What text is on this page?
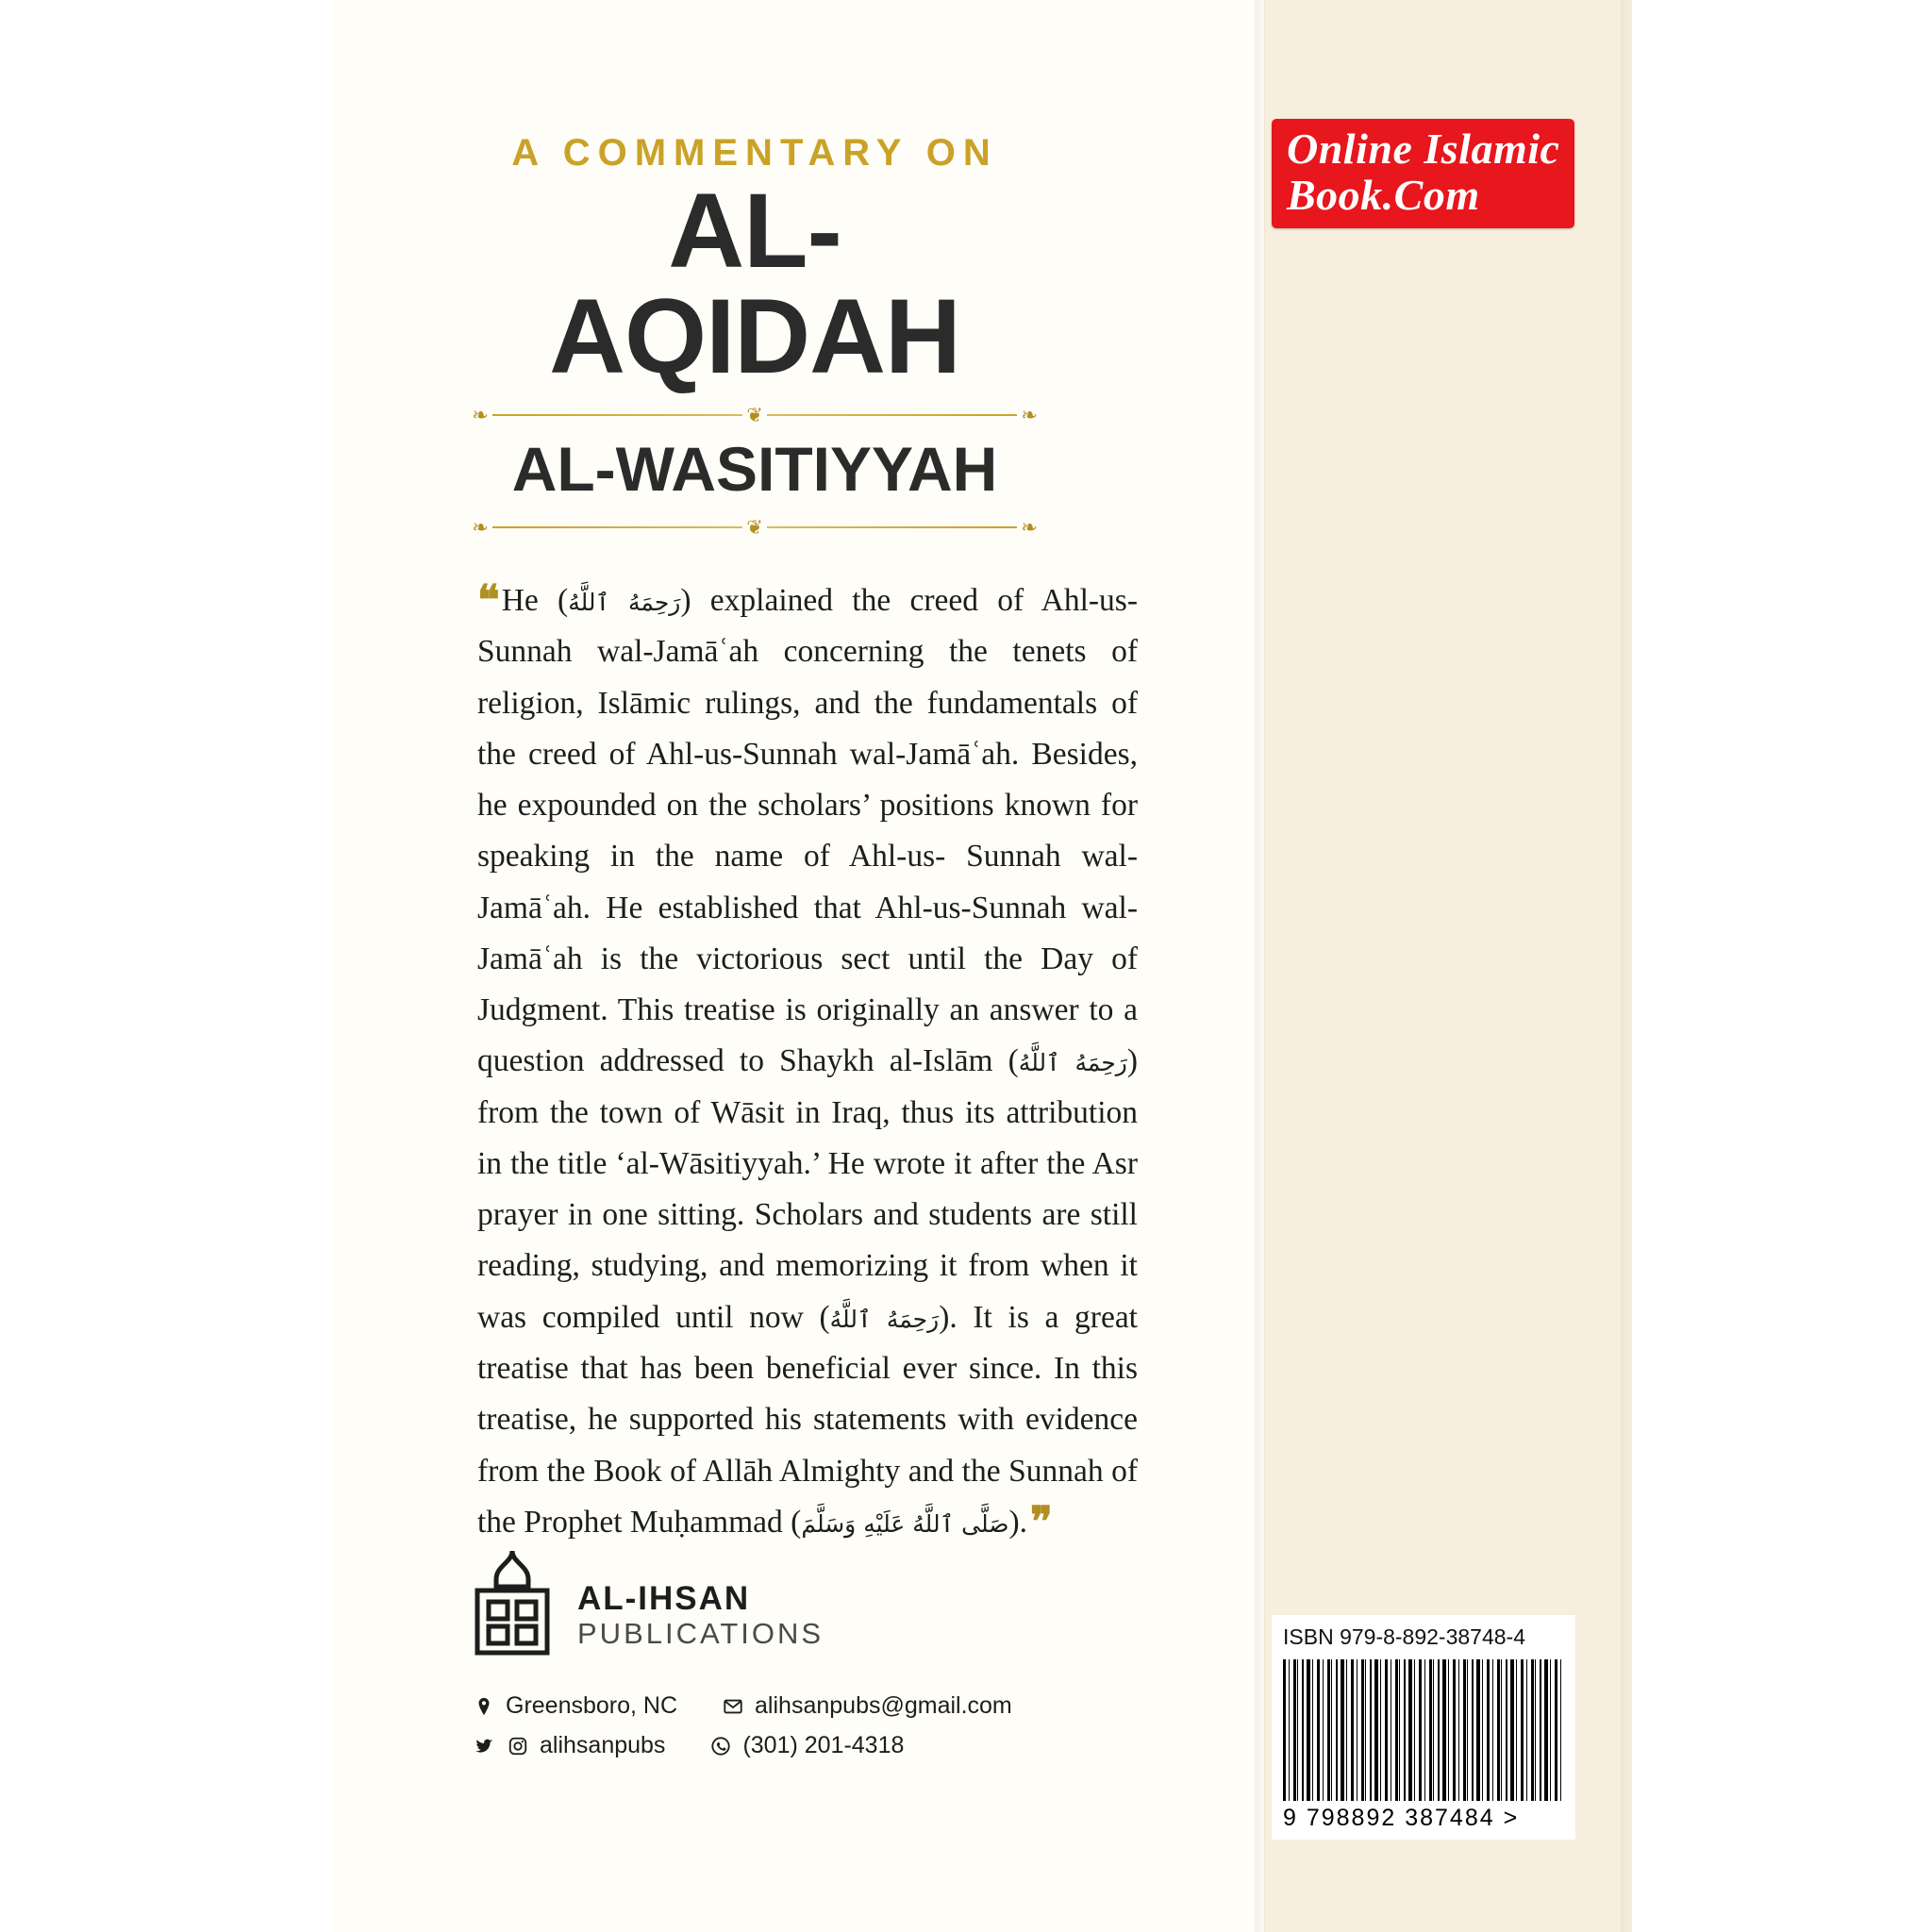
Online Islamic
Book.Com
A COMMENTARY ON
AL-AQIDAH
❧	❦	❧
AL-WASITIYYAH
❧	❦	❧
❝He (رَحِمَهُ ٱللَّهُ) explained the creed of Ahl-us-Sunnah wal-Jamāʿah concerning the tenets of religion, Islāmic rulings, and the fundamentals of the creed of Ahl-us-Sunnah wal-Jamāʿah. Besides, he expounded on the scholars’ positions known for speaking in the name of Ahl-us- Sunnah wal-Jamāʿah. He established that Ahl-us-Sunnah wal-Jamāʿah is the victorious sect until the Day of Judgment. This treatise is originally an answer to a question addressed to Shaykh al-Islām (رَحِمَهُ ٱللَّهُ) from the town of Wāsit in Iraq, thus its attribution in the title ‘al-Wāsitiyyah.’ He wrote it after the Asr prayer in one sitting. Scholars and students are still reading, studying, and memorizing it from when it was compiled until now (رَحِمَهُ ٱللَّهُ). It is a great treatise that has been beneficial ever since. In this treatise, he supported his statements with evidence from the Book of Allāh Almighty and the Sunnah of the Prophet Muḥammad (صَلَّى ٱللَّهُ عَلَيْهِ وَسَلَّمَ).❞
AL-IHSAN
PUBLICATIONS
Greensboro, NC	alihsanpubs@gmail.com
alihsanpubs	(301) 201-4318
ISBN 979-8-892-38748-4
9 798892 387484 >
